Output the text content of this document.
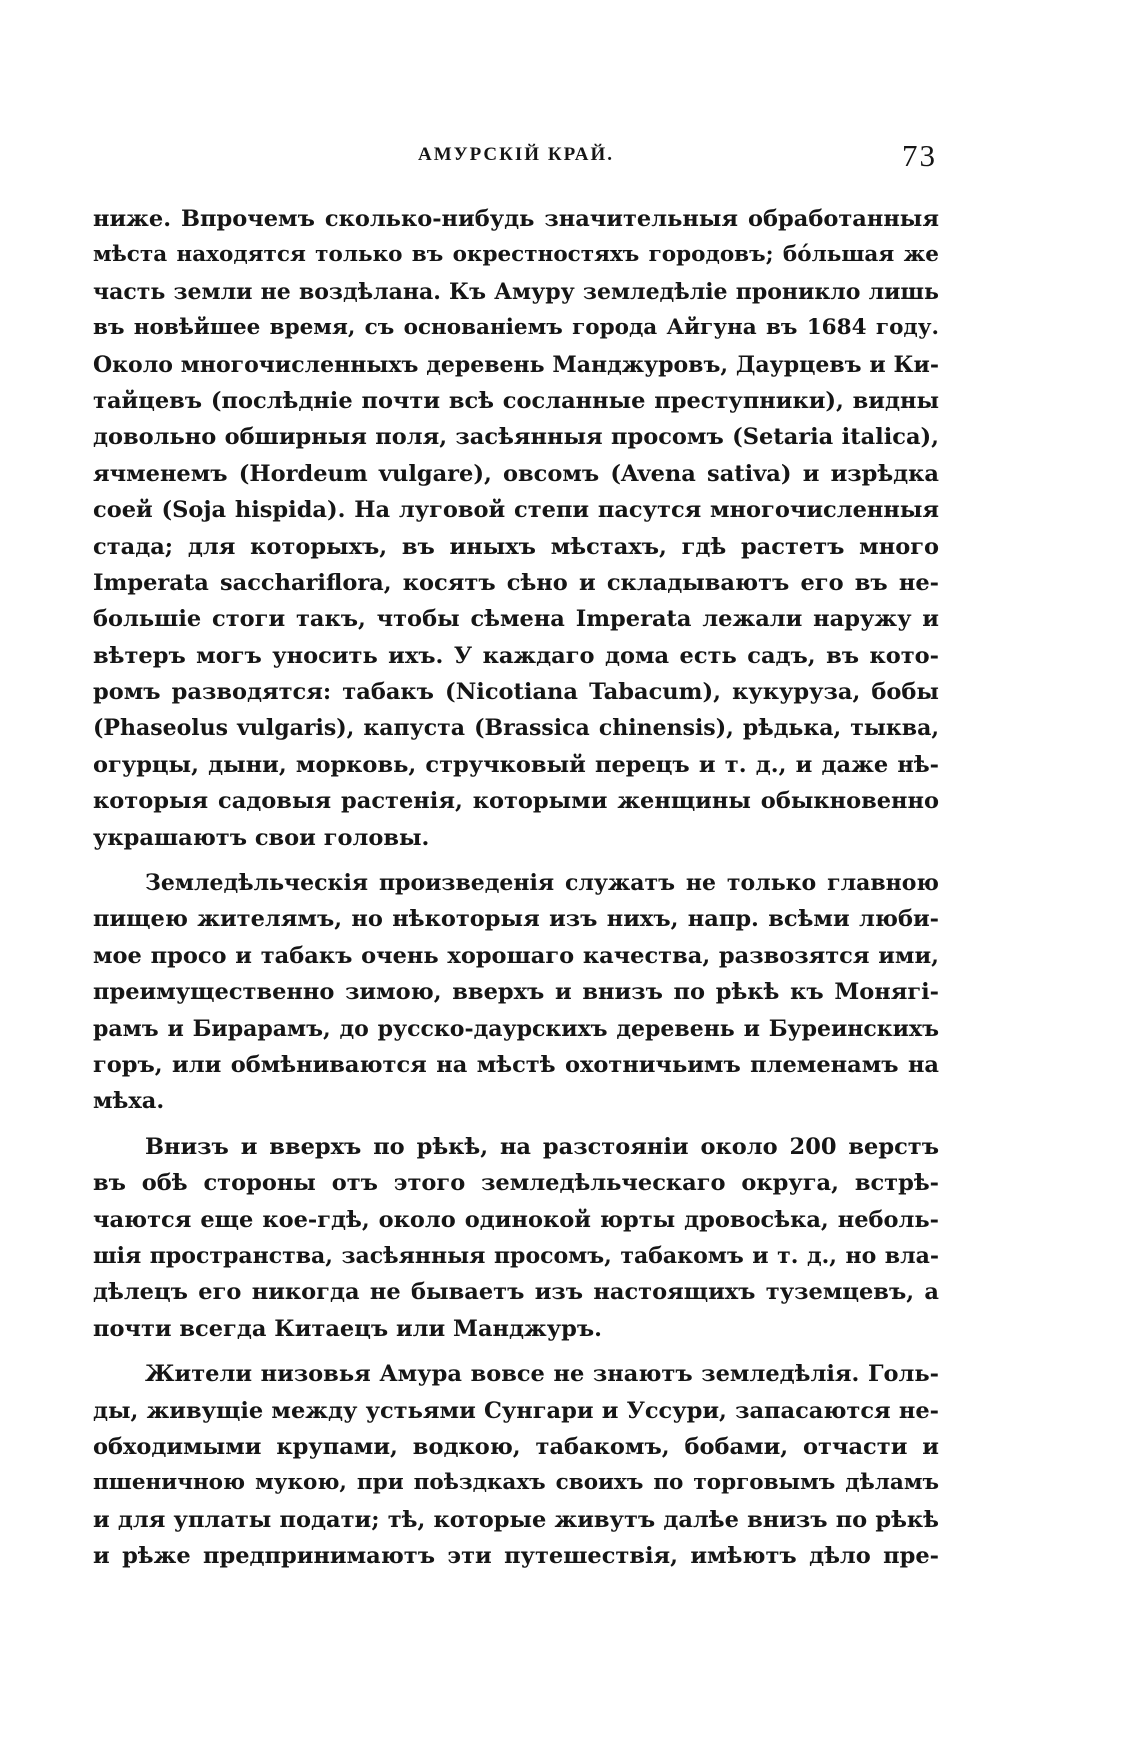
АМУРСКІЙ КРАЙ.	73

ниже. Впрочемъ сколько-нибудь значительныя обработанныя
мѣста находятся только въ окрестностяхъ городовъ; бо́льшая же
часть земли не воздѣлана. Къ Амуру земледѣліе проникло лишь
въ новѣйшее время, съ основаніемъ города Айгуна въ 1684 году.
Около многочисленныхъ деревень Манджуровъ, Даурцевъ и Ки-
тайцевъ (послѣдніе почти всѣ сосланные преступники), видны
довольно обширныя поля, засѣянныя просомъ (Setaria italica),
ячменемъ (Hordeum vulgare), овсомъ (Avena sativa) и изрѣдка
соей (Soja hispida). На луговой степи пасутся многочисленныя
стада; для которыхъ, въ иныхъ мѣстахъ, гдѣ растетъ много
Imperata sacchariflora, косятъ сѣно и складываютъ его въ не-
большіе стоги такъ, чтобы сѣмена Imperata лежали наружу и
вѣтеръ могъ уносить ихъ. У каждаго дома есть садъ, въ кото-
ромъ разводятся: табакъ (Nicotiana Tabacum), кукуруза, бобы
(Phaseolus vulgaris), капуста (Brassica chinensis), рѣдька, тыква,
огурцы, дыни, морковь, стручковый перецъ и т. д., и даже нѣ-
которыя садовыя растенія, которыми женщины обыкновенно
украшаютъ свои головы.

Земледѣльческія произведенія служатъ не только главною
пищею жителямъ, но нѣкоторыя изъ нихъ, напр. всѣми люби-
мое просо и табакъ очень хорошаго качества, развозятся ими,
преимущественно зимою, вверхъ и внизъ по рѣкѣ къ Монягi-
рамъ и Бирарамъ, до русско-даурскихъ деревень и Буреинскихъ
горъ, или обмѣниваются на мѣстѣ охотничьимъ племенамъ на
мѣха.

Внизъ и вверхъ по рѣкѣ, на разстояніи около 200 верстъ
въ обѣ стороны отъ этого земледѣльческаго округа, встрѣ-
чаются еще кое-гдѣ, около одинокой юрты дровосѣка, неболь-
шія пространства, засѣянныя просомъ, табакомъ и т. д., но вла-
дѣлецъ его никогда не бываетъ изъ настоящихъ туземцевъ, а
почти всегда Китаецъ или Манджуръ.

Жители низовья Амура вовсе не знаютъ земледѣлія. Голь-
ды, живущіе между устьями Сунгари и Уссури, запасаются не-
обходимыми крупами, водкою, табакомъ, бобами, отчасти и
пшеничною мукою, при поѣздкахъ своихъ по торговымъ дѣламъ
и для уплаты подати; тѣ, которые живутъ далѣе внизъ по рѣкѣ
и рѣже предпринимаютъ эти путешествія, имѣютъ дѣло пре-
